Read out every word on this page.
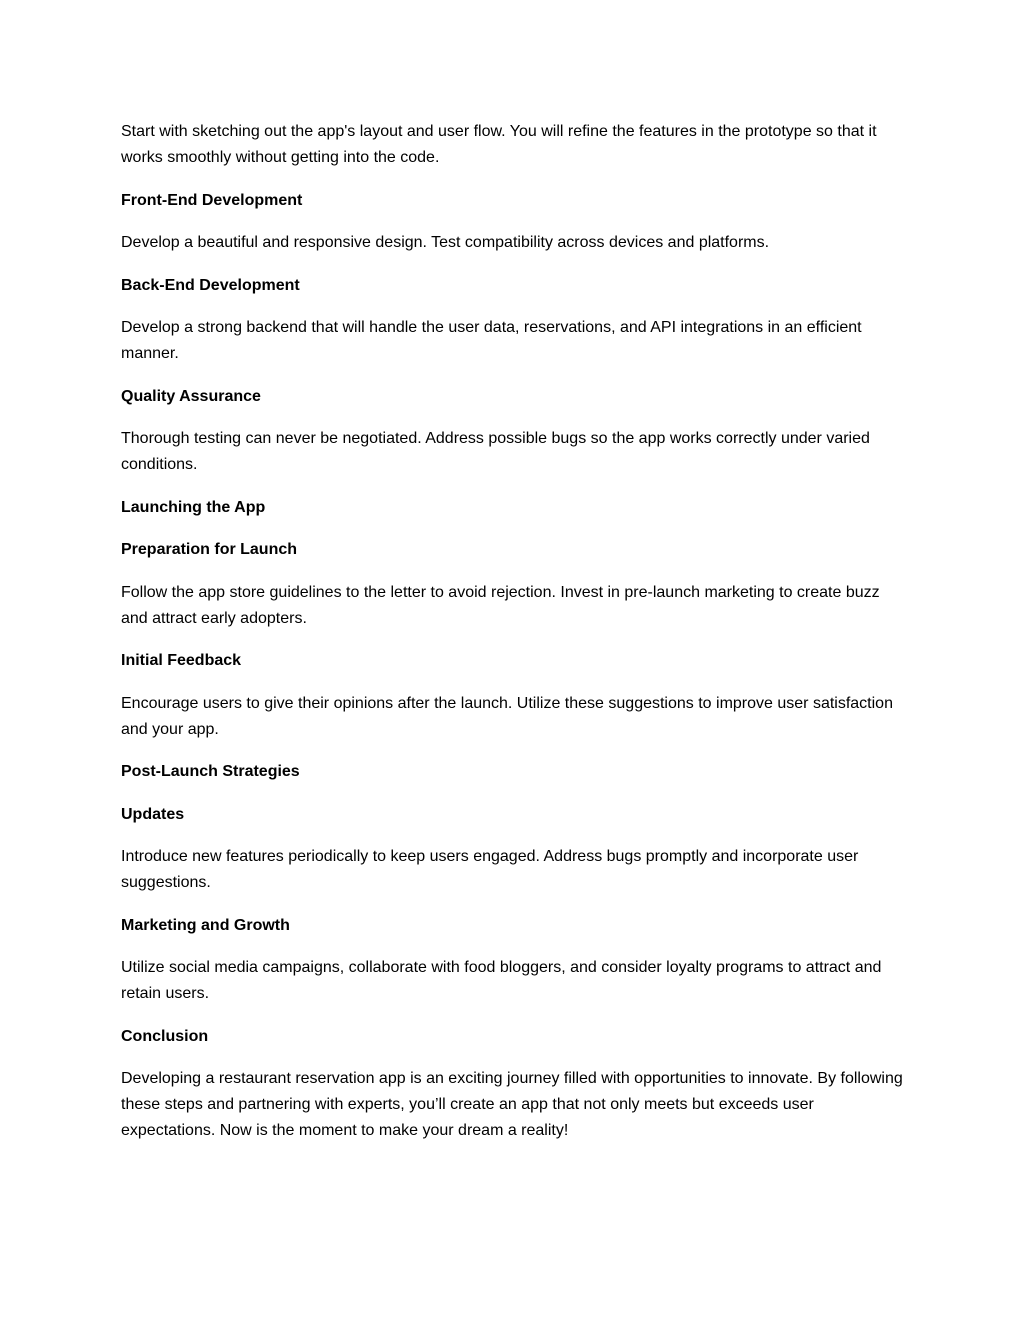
Start with sketching out the app's layout and user flow. You will refine the features in the prototype so that it works smoothly without getting into the code.

Front-End Development

Develop a beautiful and responsive design. Test compatibility across devices and platforms.

Back-End Development

Develop a strong backend that will handle the user data, reservations, and API integrations in an efficient manner.

Quality Assurance

Thorough testing can never be negotiated. Address possible bugs so the app works correctly under varied conditions.

Launching the App

Preparation for Launch

Follow the app store guidelines to the letter to avoid rejection. Invest in pre-launch marketing to create buzz and attract early adopters.

Initial Feedback

Encourage users to give their opinions after the launch. Utilize these suggestions to improve user satisfaction and your app.

Post-Launch Strategies

Updates

Introduce new features periodically to keep users engaged. Address bugs promptly and incorporate user suggestions.

Marketing and Growth

Utilize social media campaigns, collaborate with food bloggers, and consider loyalty programs to attract and retain users.

Conclusion

Developing a restaurant reservation app is an exciting journey filled with opportunities to innovate. By following these steps and partnering with experts, you’ll create an app that not only meets but exceeds user expectations. Now is the moment to make your dream a reality!
